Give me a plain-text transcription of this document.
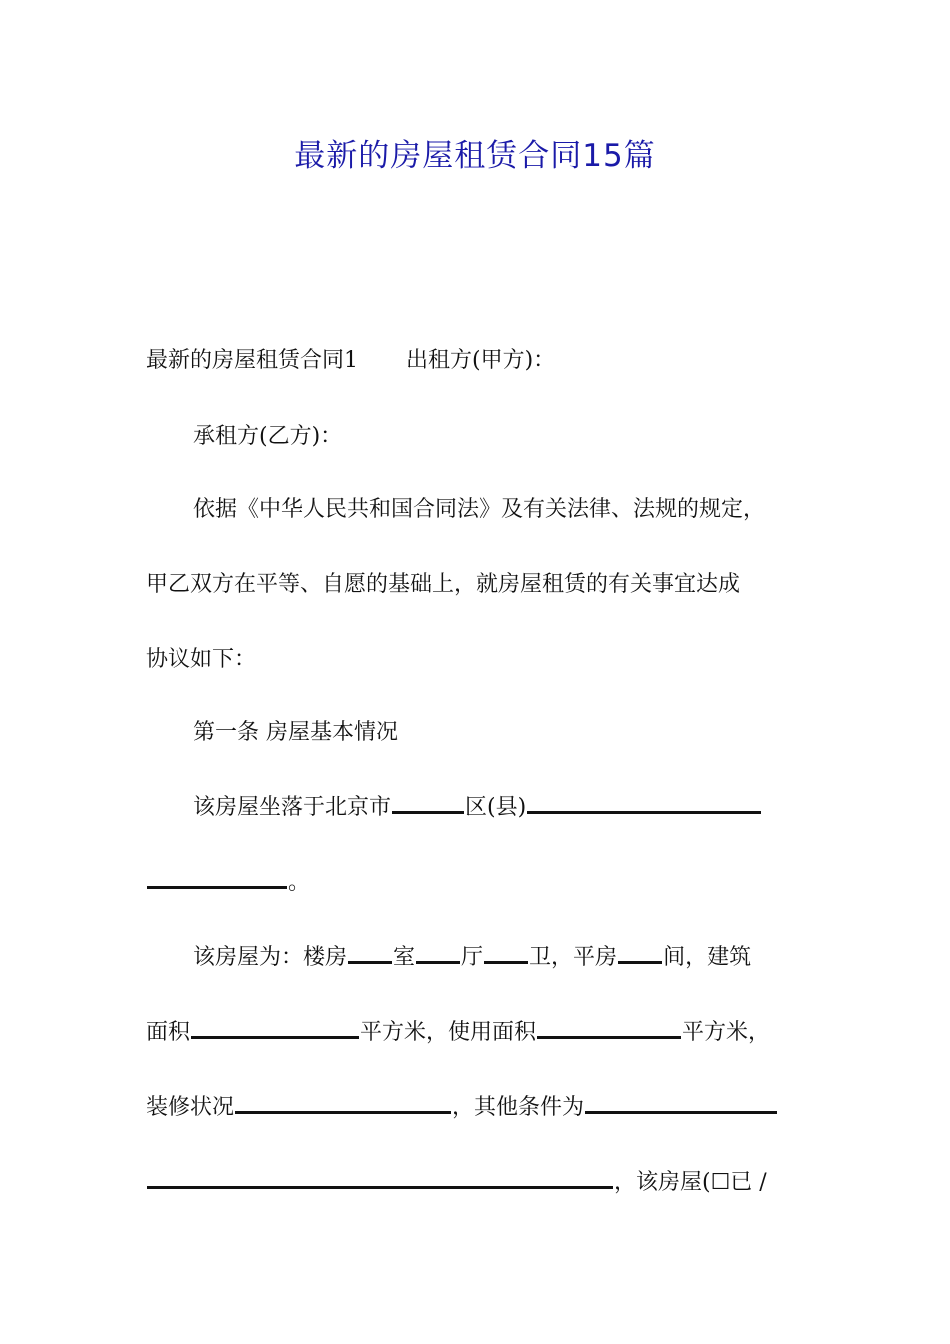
最新的房屋租赁合同15篇
最新的房屋租赁合同1 出租方(甲方)：
承租方(乙方)：
依据《中华人民共和国合同法》及有关法律、法规的规定，
甲乙双方在平等、自愿的基础上，就房屋租赁的有关事宜达成
协议如下：
第一条 房屋基本情况
该房屋坐落于北京市	区(县)
。
该房屋为：楼房 室 厅 卫，平房 间，建筑
面积	平方米，使用面积	平方米，
装修状况	，其他条件为
，该房屋(☐已 /
